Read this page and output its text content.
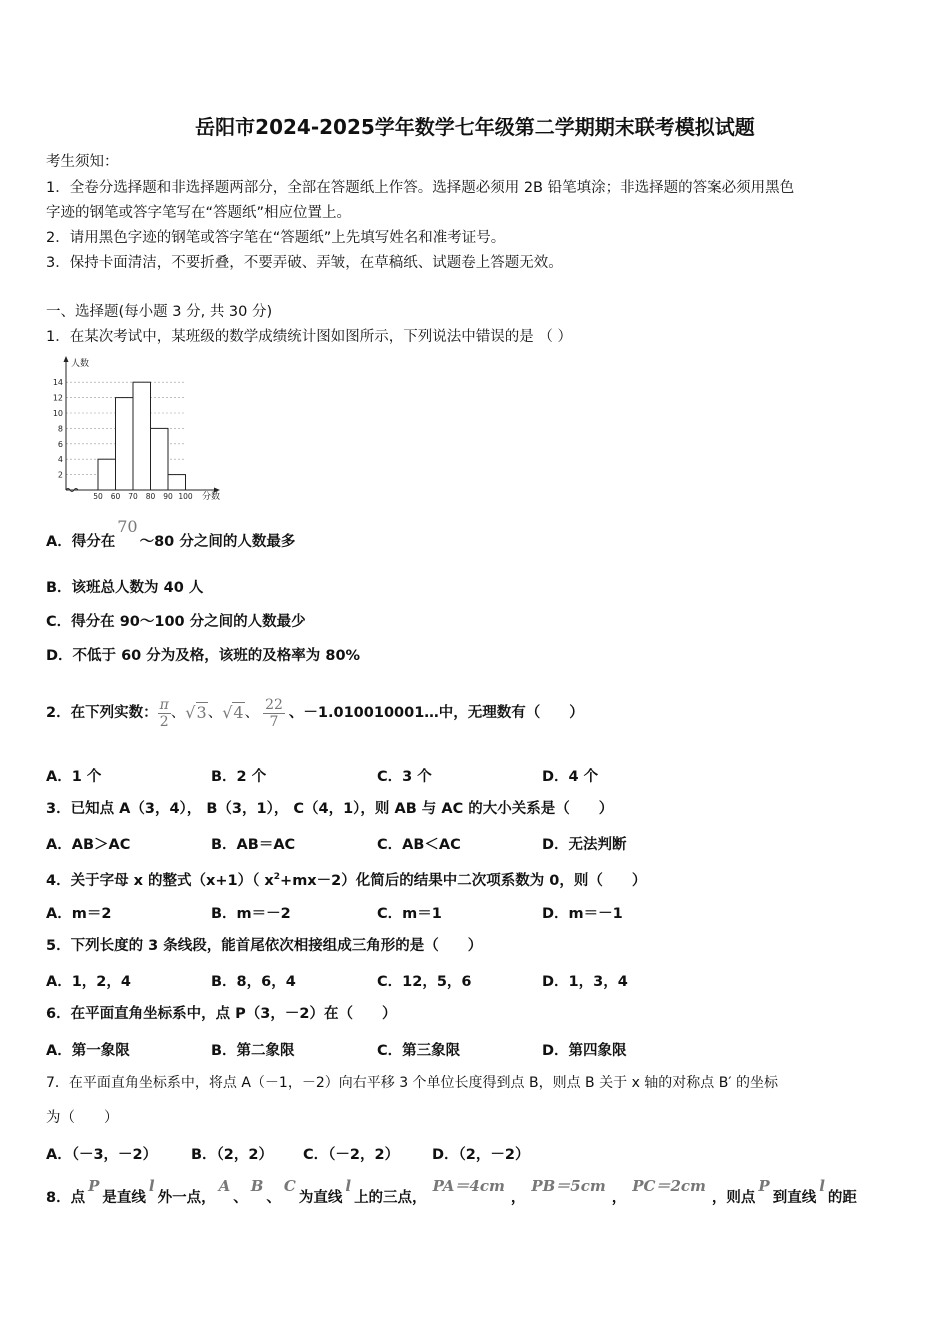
岳阳市2024-2025学年数学七年级第二学期期末联考模拟试题
考生须知：
1．全卷分选择题和非选择题两部分，全部在答题纸上作答。选择题必须用 2B 铅笔填涂；非选择题的答案必须用黑色
字迹的钢笔或答字笔写在“答题纸”相应位置上。
2．请用黑色字迹的钢笔或答字笔在“答题纸”上先填写姓名和准考证号。
3．保持卡面清洁，不要折叠，不要弄破、弄皱，在草稿纸、试题卷上答题无效。
一、选择题(每小题 3 分, 共 30 分)
1．在某次考试中，某班级的数学成绩统计图如图所示，下列说法中错误的是 （ ）
2
4
6
8
10
12
14
50 60 70 80 90 100
人数
分数
A．得分在70～80 分之间的人数最多
B．该班总人数为 40 人
C．得分在 90～100 分之间的人数最少
D．不低于 60 分为及格，该班的及格率为 80%
2．在下列实数： $\frac{\pi}{2}$ 、 √3 、 √4 、 $\frac{22}{7}$ 、－1.010010001…中，无理数有（　　）
A．1 个	B．2 个	C．3 个	D．4 个
3．已知点 A（3，4）， B（3，1）， C（4，1），则 AB 与 AC 的大小关系是（　　）
A．AB＞AC	B．AB＝AC	C．AB＜AC	D．无法判断
4．关于字母 x 的整式（x+1）（ $x^2+mx-2$）化简后的结果中二次项系数为 0，则（　　）
A．m＝2	B．m＝－2	C．m＝1	D．m＝－1
5．下列长度的 3 条线段，能首尾依次相接组成三角形的是（　　）
A．1，2，4	B．8，6，4	C．12，5，6	D．1，3，4
6．在平面直角坐标系中，点 P（3，－2）在（　　）
A．第一象限	B．第二象限	C．第三象限	D．第四象限
7．在平面直角坐标系中，将点 A（－1，－2）向右平移 3 个单位长度得到点 B，则点 B 关于 x 轴的对称点 B′ 的坐标
为（　　）
A．（－3，－2） B．（2，2） C．（－2，2） D．（2，－2）
8．点
P
是直线
l
外一点，
A
、
B
、
C
为直线
l
上的三点，
PA＝4cm
，
PB＝5cm
，
PC＝2cm
，则点
P
到直线
l
的距
